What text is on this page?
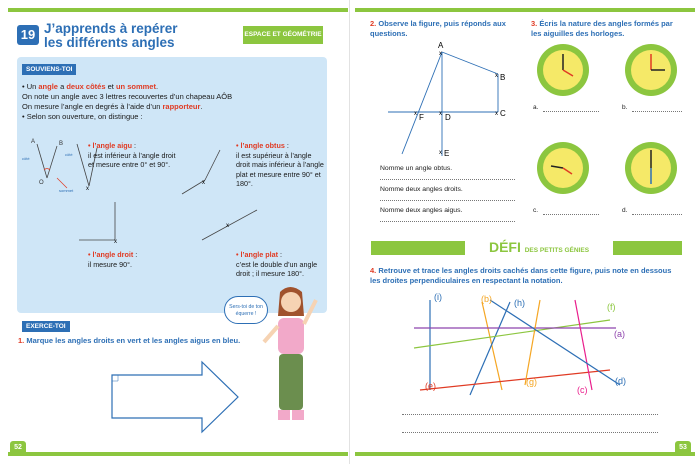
19 J’apprends à repérer
les différents angles
ESPACE ET GÉOMÉTRIE
SOUVIENS-TOI
• Un angle a deux côtés et un sommet.
On note un angle avec 3 lettres recouvertes d’un chapeau AÔB
On mesure l’angle en degrés à l’aide d’un rapporteur.
• Selon son ouverture, on distingue :
A	B
O
côté
côté
sommet x
x
x
x
• l’angle aigu :
il est inférieur à l’angle droit et mesure entre 0° et 90°.
• l’angle obtus :
il est supérieur à l’angle droit mais inférieur à l’angle plat et mesure entre 90° et 180°.
• l’angle droit :
il mesure 90°.
• l’angle plat :
c’est le double d’un angle droit ; il mesure 180°.
Sers-toi de ton équerre !
EXERCE-TOI
1. Marque les angles droits en vert et les angles aigus en bleu.
52
2. Observe la figure, puis réponds aux questions.
A
B
C
D
E
F
x
x
x
x
x
x
Nomme un angle obtus.
Nomme deux angles droits.
Nomme deux angles aigus.
3. Écris la nature des angles formés par les aiguilles des horloges.
a.	b.
c.	d.
DÉFI DES PETITS GÉNIES
4. Retrouve et trace les angles droits cachés dans cette figure, puis note en dessous les droites perpendiculaires en respectant la notation.
(i)	(b) (h)	(f)
(a)
(e)	(g)
(c)
(d)
53
